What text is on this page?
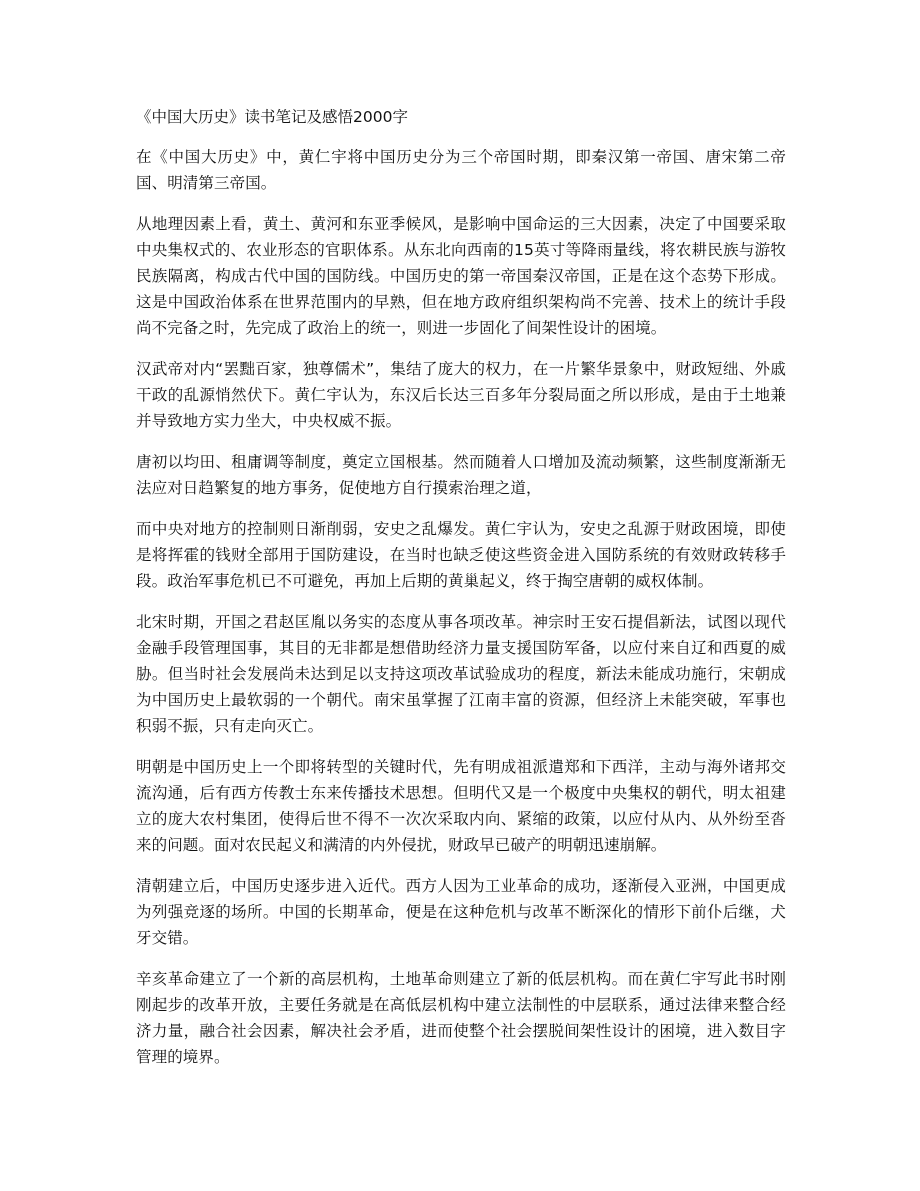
《中国大历史》读书笔记及感悟2000字

在《中国大历史》中，黄仁宇将中国历史分为三个帝国时期，即秦汉第一帝国、唐宋第二帝国、明清第三帝国。

从地理因素上看，黄土、黄河和东亚季候风，是影响中国命运的三大因素，决定了中国要采取中央集权式的、农业形态的官职体系。从东北向西南的15英寸等降雨量线，将农耕民族与游牧民族隔离，构成古代中国的国防线。中国历史的第一帝国秦汉帝国，正是在这个态势下形成。这是中国政治体系在世界范围内的早熟，但在地方政府组织架构尚不完善、技术上的统计手段尚不完备之时，先完成了政治上的统一，则进一步固化了间架性设计的困境。

汉武帝对内“罢黜百家，独尊儒术”，集结了庞大的权力，在一片繁华景象中，财政短绌、外戚干政的乱源悄然伏下。黄仁宇认为，东汉后长达三百多年分裂局面之所以形成，是由于土地兼并导致地方实力坐大，中央权威不振。

唐初以均田、租庸调等制度，奠定立国根基。然而随着人口增加及流动频繁，这些制度渐渐无法应对日趋繁复的地方事务，促使地方自行摸索治理之道，

而中央对地方的控制则日渐削弱，安史之乱爆发。黄仁宇认为，安史之乱源于财政困境，即使是将挥霍的钱财全部用于国防建设，在当时也缺乏使这些资金进入国防系统的有效财政转移手段。政治军事危机已不可避免，再加上后期的黄巢起义，终于掏空唐朝的威权体制。

北宋时期，开国之君赵匡胤以务实的态度从事各项改革。神宗时王安石提倡新法，试图以现代金融手段管理国事，其目的无非都是想借助经济力量支援国防军备，以应付来自辽和西夏的威胁。但当时社会发展尚未达到足以支持这项改革试验成功的程度，新法未能成功施行，宋朝成为中国历史上最软弱的一个朝代。南宋虽掌握了江南丰富的资源，但经济上未能突破，军事也积弱不振，只有走向灭亡。

明朝是中国历史上一个即将转型的关键时代，先有明成祖派遣郑和下西洋，主动与海外诸邦交流沟通，后有西方传教士东来传播技术思想。但明代又是一个极度中央集权的朝代，明太祖建立的庞大农村集团，使得后世不得不一次次采取内向、紧缩的政策，以应付从内、从外纷至沓来的问题。面对农民起义和满清的内外侵扰，财政早已破产的明朝迅速崩解。

清朝建立后，中国历史逐步进入近代。西方人因为工业革命的成功，逐渐侵入亚洲，中国更成为列强竞逐的场所。中国的长期革命，便是在这种危机与改革不断深化的情形下前仆后继，犬牙交错。

辛亥革命建立了一个新的高层机构，土地革命则建立了新的低层机构。而在黄仁宇写此书时刚刚起步的改革开放，主要任务就是在高低层机构中建立法制性的中层联系，通过法律来整合经济力量，融合社会因素，解决社会矛盾，进而使整个社会摆脱间架性设计的困境，进入数目字管理的境界。
